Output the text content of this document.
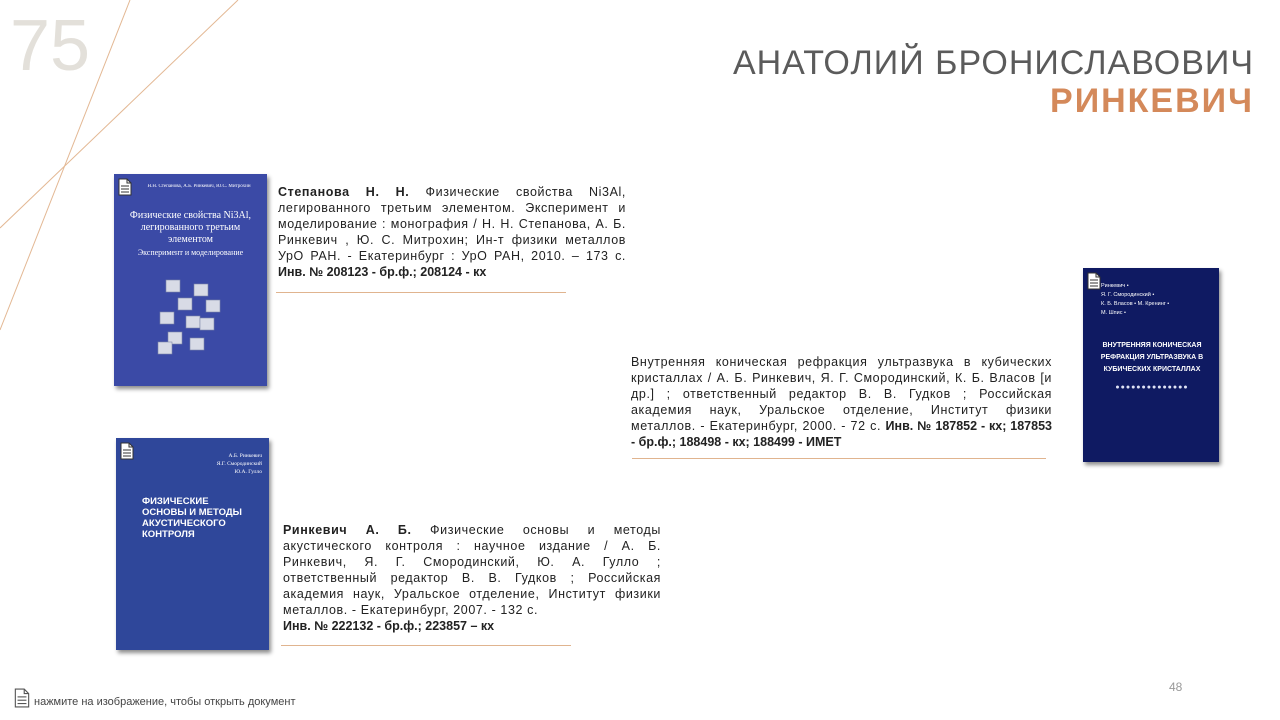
75	АНАТОЛИЙ БРОНИСЛАВОВИЧ
РИНКЕВИЧ
Н.Н. Степанова, А.Б. Ринкевич, Ю.С. Митрохин
Физические свойства Ni3Al, легированного третьим элементом
Эксперимент и моделирование
Степанова Н. Н. Физические свойства Ni3Al, легированного третьим элементом. Эксперимент и моделирование : монография / Н. Н. Степанова, А. Б. Ринкевич , Ю. С. Митрохин; Ин-т физики металлов УрО РАН. - Екатеринбург : УрО РАН, 2010. – 173 с. Инв. № 208123 - бр.ф.; 208124 - кх
А.Б. Ринкевич
Я.Г. Смородинский
Ю.А. Гулло
ФИЗИЧЕСКИЕ ОСНОВЫ И МЕТОДЫ АКУСТИЧЕСКОГО КОНТРОЛЯ	Ринкевич А. Б. Физические основы и методы акустического контроля : научное издание / А. Б. Ринкевич, Я. Г. Смородинский, Ю. А. Гулло ; ответственный редактор В. В. Гудков ; Российская академия наук, Уральское отделение, Институт физики металлов. - Екатеринбург, 2007. - 132 с.
Инв. № 222132 - бр.ф.; 223857 – кх
Внутренняя коническая рефракция ультразвука в кубических кристаллах / А. Б. Ринкевич, Я. Г. Смородинский, К. Б. Власов [и др.] ; ответственный редактор В. В. Гудков ; Российская академия наук, Уральское отделение, Институт физики металлов. - Екатеринбург, 2000. - 72 с. Инв. № 187852 - кх; 187853 - бр.ф.; 188498 - кх; 188499 - ИМЕТ
Ринкевич •
Я. Г. Смородинский •
К. Б. Власов • М. Кренинг •
М. Шпис •
ВНУТРЕННЯЯ КОНИЧЕСКАЯ РЕФРАКЦИЯ УЛЬТРАЗВУКА В КУБИЧЕСКИХ КРИСТАЛЛАХ
●●●●●●●●●●●●●●
48
нажмите на изображение, чтобы открыть документ
